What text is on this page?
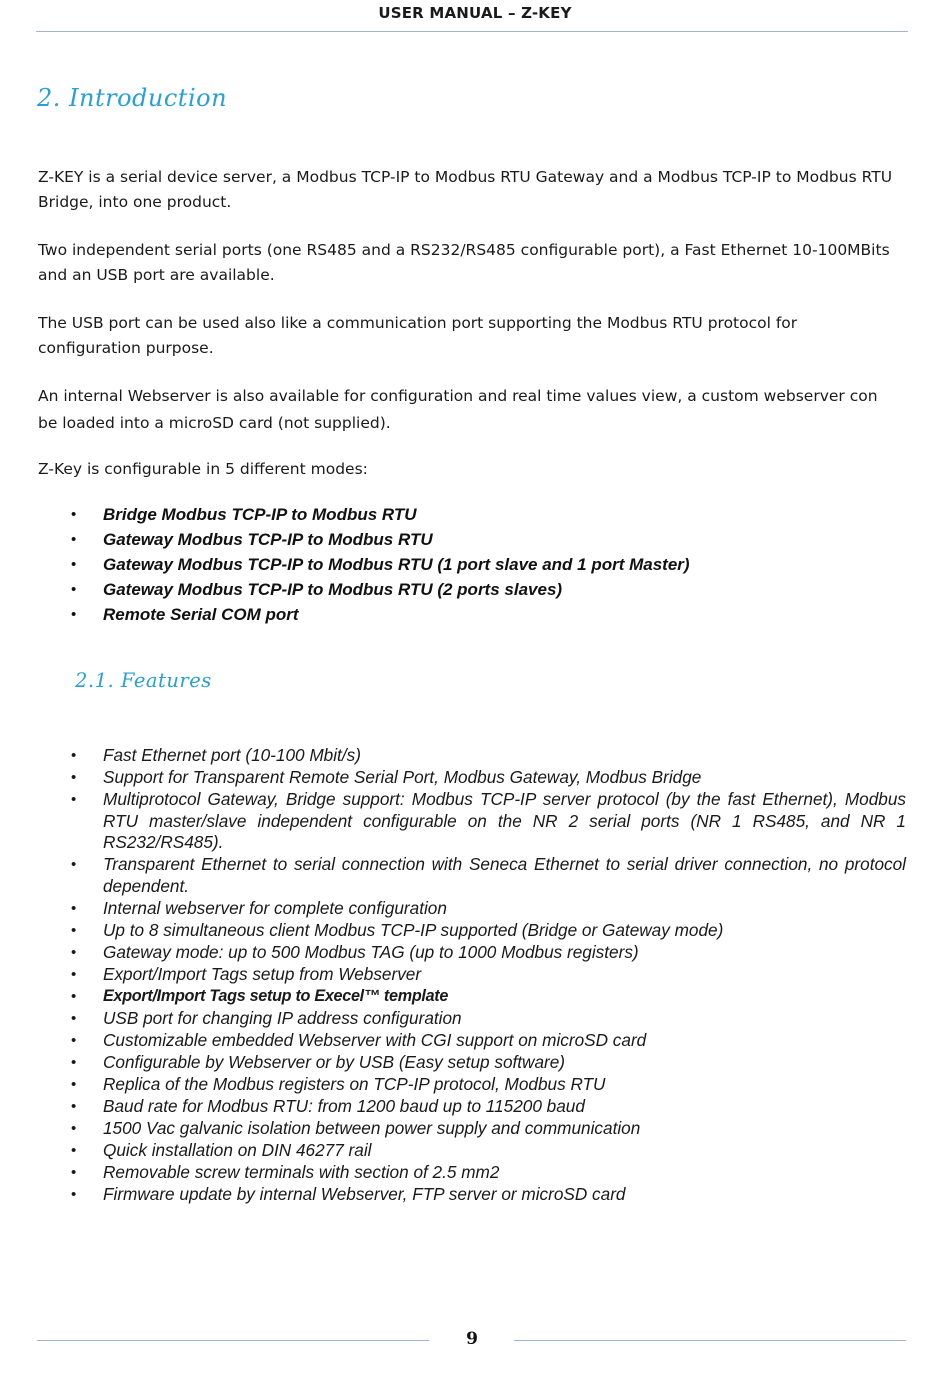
USER MANUAL – Z-KEY
2. Introduction
Z-KEY is a serial device server, a Modbus TCP-IP to Modbus RTU Gateway and a Modbus TCP-IP to Modbus RTU Bridge, into one product.
Two independent serial ports (one RS485 and a RS232/RS485 configurable port), a Fast Ethernet 10-100MBits and an USB port are available.
The USB port can be used also like a communication port supporting the Modbus RTU protocol for configuration purpose.
An internal Webserver is also available for configuration and real time values view, a custom webserver con be loaded into a microSD card (not supplied).
Z-Key is configurable in 5 different modes:
• Bridge Modbus TCP-IP to Modbus RTU
• Gateway Modbus TCP-IP to Modbus RTU
• Gateway Modbus TCP-IP to Modbus RTU (1 port slave and 1 port Master)
• Gateway Modbus TCP-IP to Modbus RTU (2 ports slaves)
• Remote Serial COM port
2.1. Features
• Fast Ethernet port (10-100 Mbit/s)
• Support for Transparent Remote Serial Port, Modbus Gateway, Modbus Bridge
• Multiprotocol Gateway, Bridge support: Modbus TCP-IP server protocol (by the fast Ethernet), Modbus RTU master/slave independent configurable on the NR 2 serial ports (NR 1 RS485, and NR 1 RS232/RS485).
• Transparent Ethernet to serial connection with Seneca Ethernet to serial driver connection, no protocol dependent.
• Internal webserver for complete configuration
• Up to 8 simultaneous client Modbus TCP-IP supported (Bridge or Gateway mode)
• Gateway mode: up to 500 Modbus TAG (up to 1000 Modbus registers)
• Export/Import Tags setup from Webserver
• Export/Import Tags setup to Execel™ template
• USB port for changing IP address configuration
• Customizable embedded Webserver with CGI support on microSD card
• Configurable by Webserver or by USB (Easy setup software)
• Replica of the Modbus registers on TCP-IP protocol, Modbus RTU
• Baud rate for Modbus RTU: from 1200 baud up to 115200 baud
• 1500 Vac galvanic isolation between power supply and communication
• Quick installation on DIN 46277 rail
• Removable screw terminals with section of 2.5 mm2
• Firmware update by internal Webserver, FTP server or microSD card
9
